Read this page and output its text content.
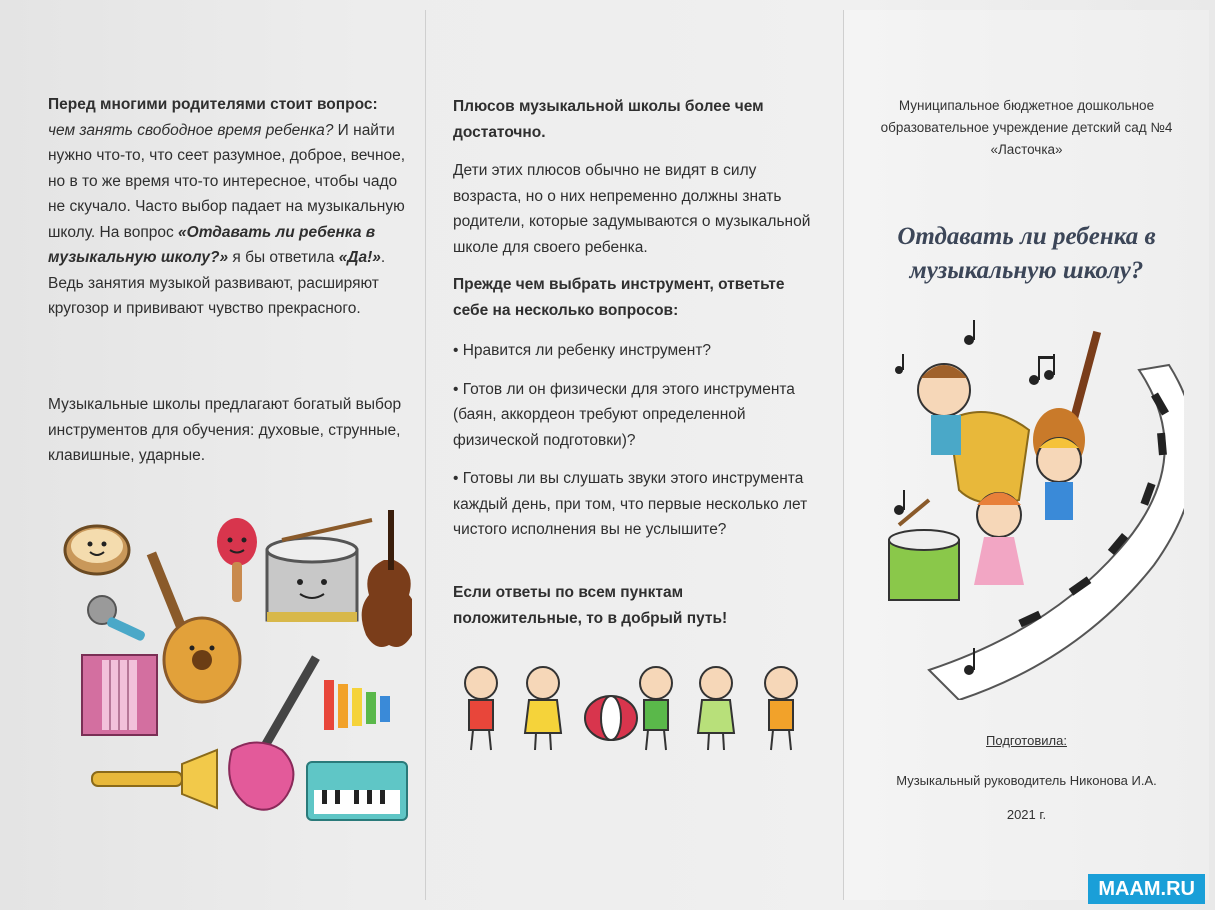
Перед многими родителями стоит вопрос:
чем занять свободное время ребенка? И найти нужно что-то, что сеет разумное, доброе, вечное, но в то же время что-то интересное, чтобы чадо не скучало. Часто выбор падает на музыкальную школу. На вопрос «Отдавать ли ребенка в музыкальную школу?» я бы ответила «Да!». Ведь занятия музыкой развивают, расширяют кругозор и прививают чувство прекрасного.

Музыкальные школы предлагают богатый выбор инструментов для обучения: духовые, струнные, клавишные, ударные.

Плюсов музыкальной школы более чем достаточно.

Дети этих плюсов обычно не видят в силу возраста, но о них непременно должны знать родители, которые задумываются о музыкальной школе для своего ребенка.

Прежде чем выбрать инструмент, ответьте себе на несколько вопросов:

• Нравится ли ребенку инструмент?
• Готов ли он физически для этого инструмента (баян, аккордеон требуют определенной физической подготовки)?
• Готовы ли вы слушать звуки этого инструмента каждый день, при том, что первые несколько лет чистого исполнения вы не услышите?

Если ответы по всем пунктам положительные, то в добрый путь!

Муниципальное бюджетное дошкольное образовательное учреждение детский сад №4 «Ласточка»

Отдавать ли ребенка в музыкальную школу?

Подготовила:

Музыкальный руководитель Никонова И.А.

2021 г.

MAAM.RU
